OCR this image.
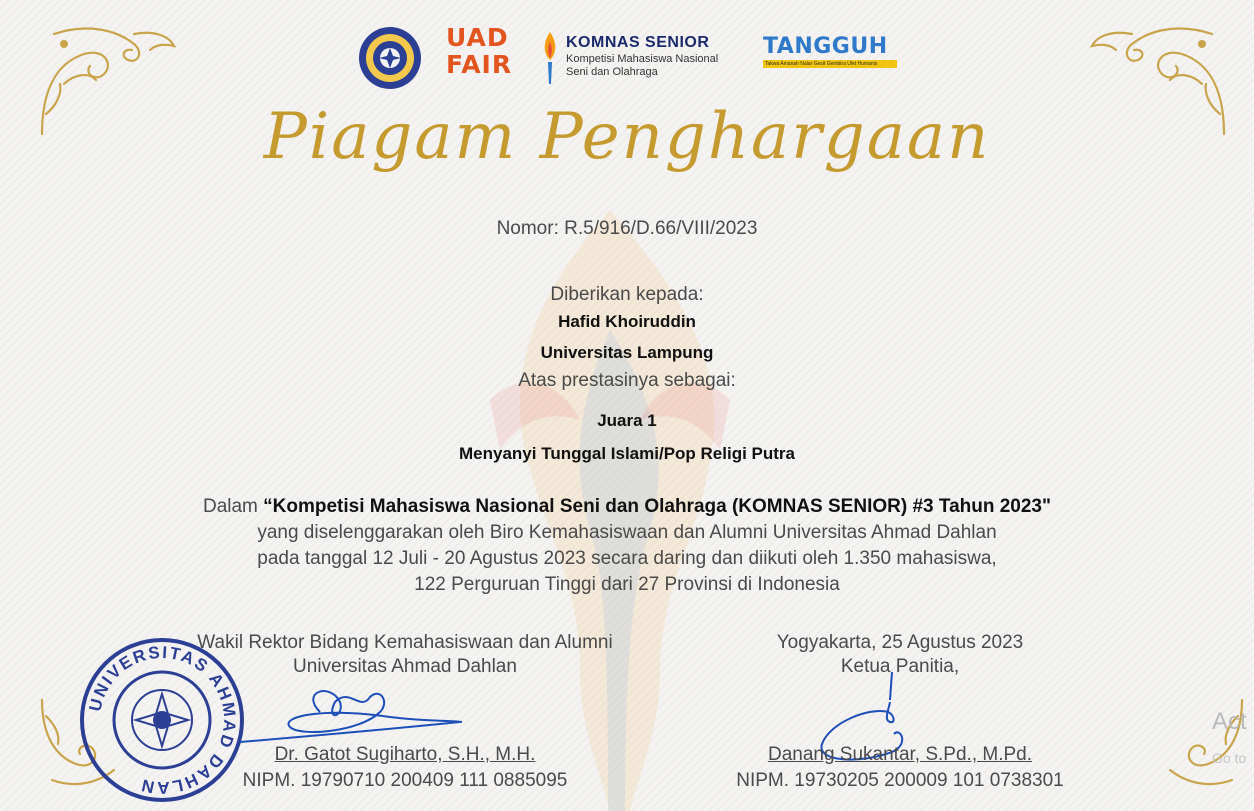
UAD
FAIR
KOMNAS SENIOR
Kompetisi Mahasiswa Nasional
Seni dan Olahraga
TANGGUH
Takwa Amanah Nalar Gesit Gembira Ulet Humanis
Piagam Penghargaan
Nomor: R.5/916/D.66/VIII/2023
Diberikan kepada:
Hafid Khoiruddin
Universitas Lampung
Atas prestasinya sebagai:
Juara 1
Menyanyi Tunggal Islami/Pop Religi Putra
Dalam “Kompetisi Mahasiswa Nasional Seni dan Olahraga (KOMNAS SENIOR) #3 Tahun 2023"
yang diselenggarakan oleh Biro Kemahasiswaan dan Alumni Universitas Ahmad Dahlan
pada tanggal 12 Juli - 20 Agustus 2023 secara daring dan diikuti oleh 1.350 mahasiswa,
122 Perguruan Tinggi dari 27 Provinsi di Indonesia
UNIVERSITAS AHMAD DAHLAN
Wakil Rektor Bidang Kemahasiswaan dan Alumni
Universitas Ahmad Dahlan
Dr. Gatot Sugiharto, S.H., M.H.
NIPM. 19790710 200409 111 0885095
Yogyakarta, 25 Agustus 2023
Ketua Panitia,
Danang Sukantar, S.Pd., M.Pd.
NIPM. 19730205 200009 101 0738301
Act
Go to
